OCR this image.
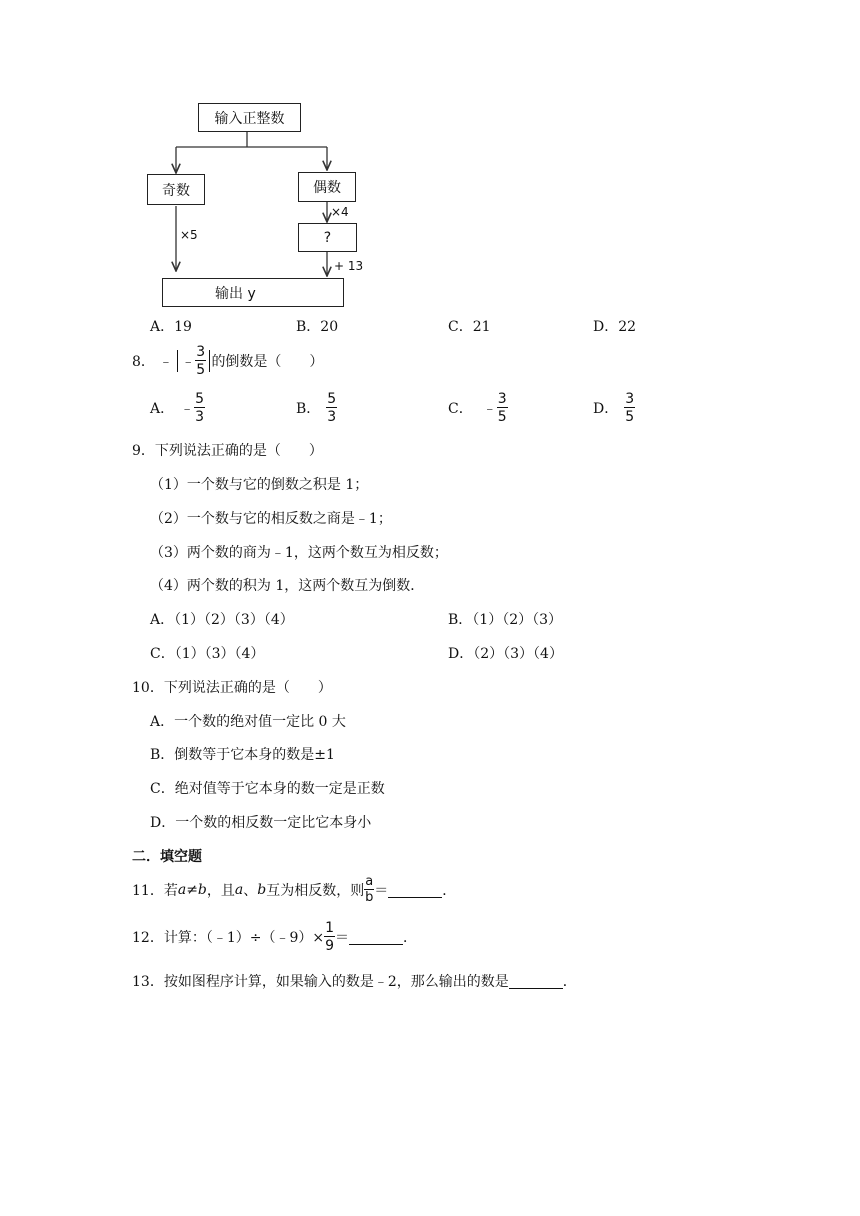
输入正整数
奇数	偶数
?
输出 y
×5
×4
+ 13
A．19	B．20	C．21	D．22
8． ﹣ ﹣ $\frac{3}{5}$ 的倒数是（　　）
A． ﹣ $\frac{5}{3}$	B． $\frac{5}{3}$	C． ﹣ $\frac{3}{5}$	D． $\frac{3}{5}$
9．下列说法正确的是（　　）
（1）一个数与它的倒数之积是 1；
（2）一个数与它的相反数之商是﹣1；
（3）两个数的商为﹣1，这两个数互为相反数；
（4）两个数的积为 1，这两个数互为倒数．
A．（1）（2）（3）（4）	B．（1）（2）（3）
C．（1）（3）（4）	D．（2）（3）（4）
10．下列说法正确的是（　　）
A．一个数的绝对值一定比 0 大
B．倒数等于它本身的数是±1
C．绝对值等于它本身的数一定是正数
D．一个数的相反数一定比它本身小
二．填空题
11．若 a ≠ b ，且 a 、 b 互为相反数，则 $\frac{a}{b}$ ＝	．
12．计算：（﹣1）÷（﹣9）× $\frac{1}{9}$ ＝	．
13．按如图程序计算，如果输入的数是﹣2，那么输出的数是	．
